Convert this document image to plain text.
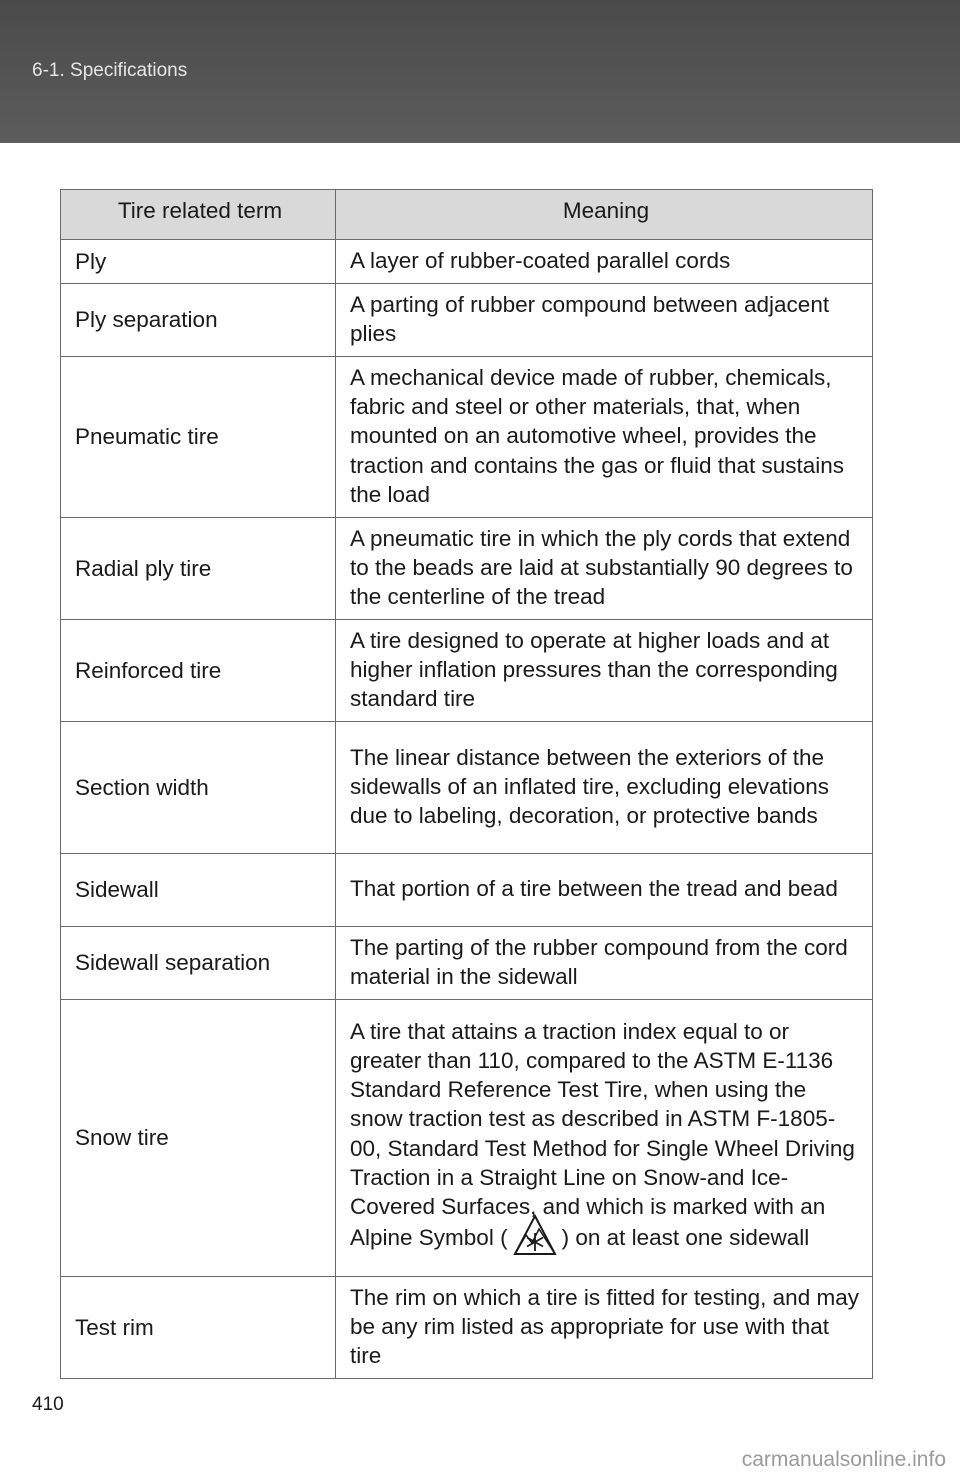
6-1. Specifications
Tire related term	Meaning
Ply	A layer of rubber-coated parallel cords
Ply separation	A parting of rubber compound between adjacent plies
Pneumatic tire	A mechanical device made of rubber, chemicals, fabric and steel or other materials, that, when mounted on an automotive wheel, provides the traction and contains the gas or fluid that sustains the load
Radial ply tire	A pneumatic tire in which the ply cords that extend to the beads are laid at substantially 90 degrees to the centerline of the tread
Reinforced tire	A tire designed to operate at higher loads and at higher inflation pressures than the corresponding standard tire
Section width	The linear distance between the exteriors of the sidewalls of an inflated tire, excluding elevations due to labeling, decoration, or protective bands
Sidewall	That portion of a tire between the tread and bead
Sidewall separation	The parting of the rubber compound from the cord material in the sidewall
Snow tire	A tire that attains a traction index equal to or greater than 110, compared to the ASTM E-1136 Standard Reference Test Tire, when using the snow traction test as described in ASTM F-1805-00, Standard Test Method for Single Wheel Driving Traction in a Straight Line on Snow-and Ice-Covered Surfaces, and which is marked with an Alpine Symbol ( ) on at least one sidewall
Test rim	The rim on which a tire is fitted for testing, and may be any rim listed as appropriate for use with that tire
410
carmanualsonline.info
